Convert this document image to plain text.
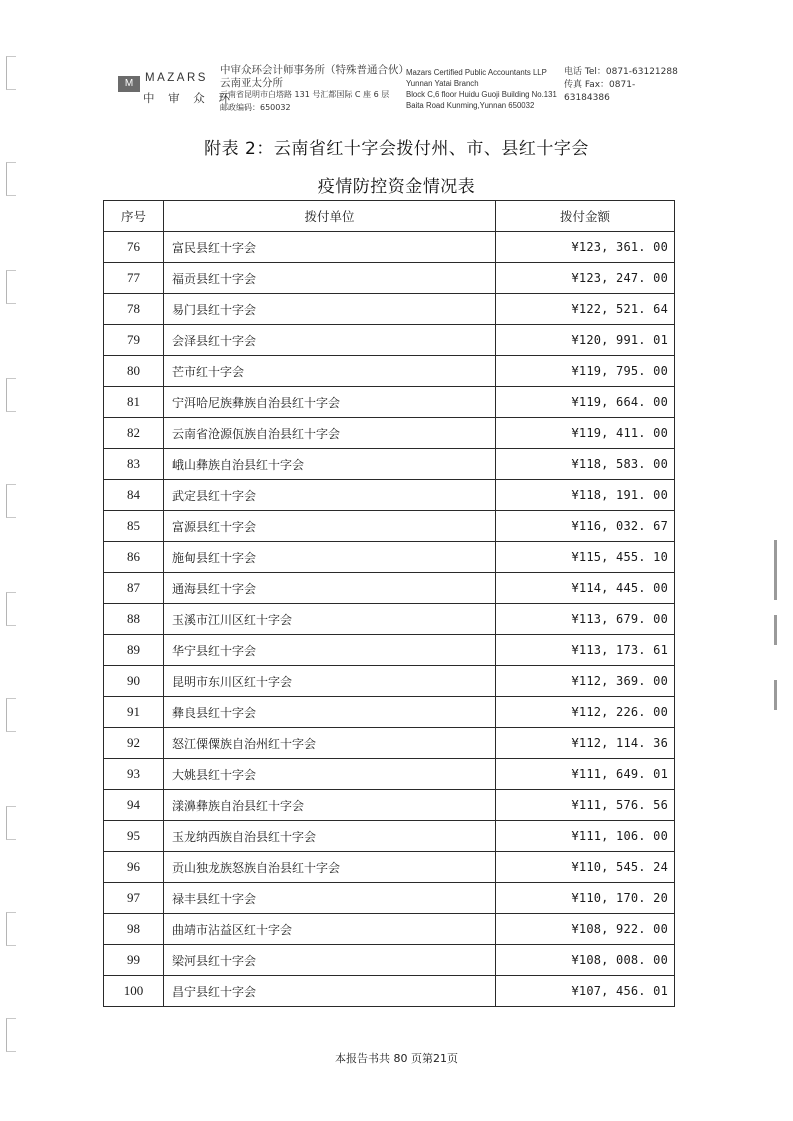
M	MAZARS
中 审 众 环
中审众环会计师事务所（特殊普通合伙）
云南亚太分所
云南省昆明市白塔路 131 号汇都国际 C 座 6 层
邮政编码：650032
Mazars Certified Public Accountants LLP
Yunnan Yatai Branch
Block C,6 floor Huidu Guoji Building No.131
Baita Road Kunming,Yunnan 650032
电话 Tel：0871-63121288
传真 Fax：0871-63184386
附表 2：云南省红十字会拨付州、市、县红十字会
疫情防控资金情况表
序号	拨付单位	拨付金额
76	富民县红十字会	¥123, 361. 00
77	福贡县红十字会	¥123, 247. 00
78	易门县红十字会	¥122, 521. 64
79	会泽县红十字会	¥120, 991. 01
80	芒市红十字会	¥119, 795. 00
81	宁洱哈尼族彝族自治县红十字会	¥119, 664. 00
82	云南省沧源佤族自治县红十字会	¥119, 411. 00
83	峨山彝族自治县红十字会	¥118, 583. 00
84	武定县红十字会	¥118, 191. 00
85	富源县红十字会	¥116, 032. 67
86	施甸县红十字会	¥115, 455. 10
87	通海县红十字会	¥114, 445. 00
88	玉溪市江川区红十字会	¥113, 679. 00
89	华宁县红十字会	¥113, 173. 61
90	昆明市东川区红十字会	¥112, 369. 00
91	彝良县红十字会	¥112, 226. 00
92	怒江傈僳族自治州红十字会	¥112, 114. 36
93	大姚县红十字会	¥111, 649. 01
94	漾濞彝族自治县红十字会	¥111, 576. 56
95	玉龙纳西族自治县红十字会	¥111, 106. 00
96	贡山独龙族怒族自治县红十字会	¥110, 545. 24
97	禄丰县红十字会	¥110, 170. 20
98	曲靖市沾益区红十字会	¥108, 922. 00
99	梁河县红十字会	¥108, 008. 00
100	昌宁县红十字会	¥107, 456. 01
本报告书共 80 页第21页
